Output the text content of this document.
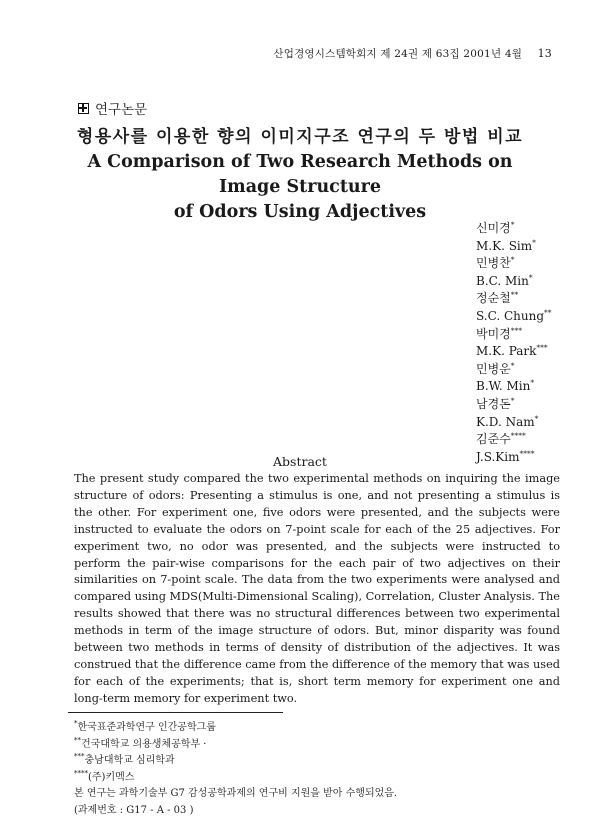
산업경영시스템학회지 제 24권 제 63집 2001년 4월 13
연구논문
형용사를 이용한 향의 이미지구조 연구의 두 방법 비교
A Comparison of Two Research Methods on Image Structure
of Odors Using Adjectives
신미경*
M.K. Sim*
민병찬*
B.C. Min*
정순철**
S.C. Chung**
박미경***
M.K. Park***
민병운*
B.W. Min*
남경돈*
K.D. Nam*
김준수****
J.S.Kim****
Abstract
The present study compared the two experimental methods on inquiring the image structure of odors: Presenting a stimulus is one, and not presenting a stimulus is the other. For experiment one, five odors were presented, and the subjects were instructed to evaluate the odors on 7-point scale for each of the 25 adjectives. For experiment two, no odor was presented, and the subjects were instructed to perform the pair-wise comparisons for the each pair of two adjectives on their similarities on 7-point scale. The data from the two experiments were analysed and compared using MDS(Multi-Dimensional Scaling), Correlation, Cluster Analysis. The results showed that there was no structural differences between two experimental methods in term of the image structure of odors. But, minor disparity was found between two methods in terms of density of distribution of the adjectives. It was construed that the difference came from the difference of the memory that was used for each of the experiments; that is, short term memory for experiment one and long-term memory for experiment two.
*한국표준과학연구 인간공학그룹
**건국대학교 의용생체공학부 ·
***충남대학교 심리학과
****(주)키멕스
본 연구는 과학기술부 G7 감성공학과제의 연구비 지원을 받아 수행되었음.
(과제번호 : G17 - A - 03 )
